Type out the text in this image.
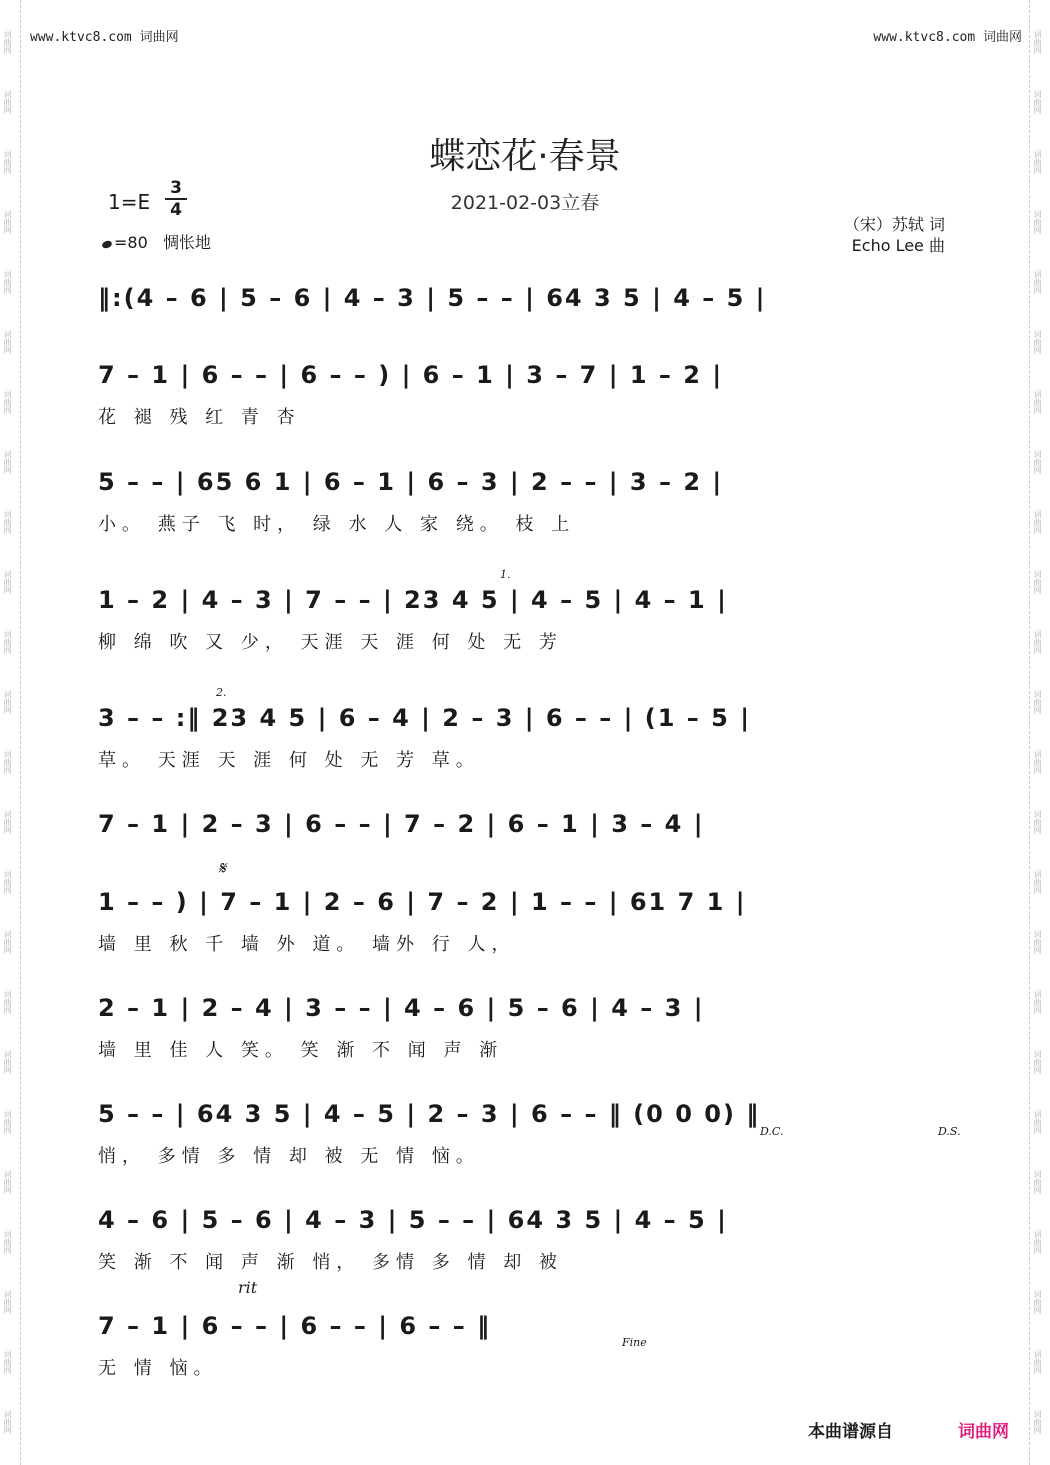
词曲网
词曲网
词曲网
词曲网
词曲网
词曲网
词曲网
词曲网
词曲网
词曲网
词曲网
词曲网
词曲网
词曲网
词曲网
词曲网
词曲网
词曲网
词曲网
词曲网
词曲网
词曲网
词曲网
词曲网
词曲网
词曲网
词曲网
词曲网
词曲网
词曲网
词曲网
词曲网
词曲网
词曲网
词曲网
词曲网
词曲网
词曲网
词曲网
词曲网
词曲网
词曲网
词曲网
词曲网
词曲网
词曲网
词曲网
词曲网
www.ktvc8.com 词曲网	www.ktvc8.com 词曲网
蝶恋花·春景
2021-02-03立春
1=E
3
4
=80 惆怅地
（宋）苏轼 词
Echo Lee 曲
‖:(4 – 6 | 5 – 6 | 4 – 3 | 5 – – | 64 3 5 | 4 – 5 |
7 – 1 | 6 – – | 6 – – ) | 6 – 1 | 3 – 7 | 1 – 2 |
花 褪 残 红 青 杏
5 – – | 65 6 1 | 6 – 1 | 6 – 3 | 2 – – | 3 – 2 |
小。 燕子 飞 时， 绿 水 人 家 绕。 枝 上
1 – 2 | 4 – 3 | 7 – – | 23 4 5 | 4 – 5 | 4 – 1 |
柳 绵 吹 又 少， 天涯 天 涯 何 处 无 芳
3 – – :‖ 23 4 5 | 6 – 4 | 2 – 3 | 6 – – | (1 – 5 |
草。 天涯 天 涯 何 处 无 芳 草。
7 – 1 | 2 – 3 | 6 – – | 7 – 2 | 6 – 1 | 3 – 4 |
1 – – ) | 7 – 1 | 2 – 6 | 7 – 2 | 1 – – | 61 7 1 |
墙 里 秋 千 墙 外 道。 墙外 行 人，
2 – 1 | 2 – 4 | 3 – – | 4 – 6 | 5 – 6 | 4 – 3 |
墙 里 佳 人 笑。 笑 渐 不 闻 声 渐
5 – – | 64 3 5 | 4 – 5 | 2 – 3 | 6 – – ‖ (0 0 0) ‖
悄， 多情 多 情 却 被 无 情 恼。
4 – 6 | 5 – 6 | 4 – 3 | 5 – – | 64 3 5 | 4 – 5 |
笑 渐 不 闻 声 渐 悄， 多情 多 情 却 被
7 – 1 | 6 – – | 6 – – | 6 – – ‖
无 情 恼。
本曲谱源自	词曲网
𝄋
D.C.	D.S.
Fine
rit
1.
2.
